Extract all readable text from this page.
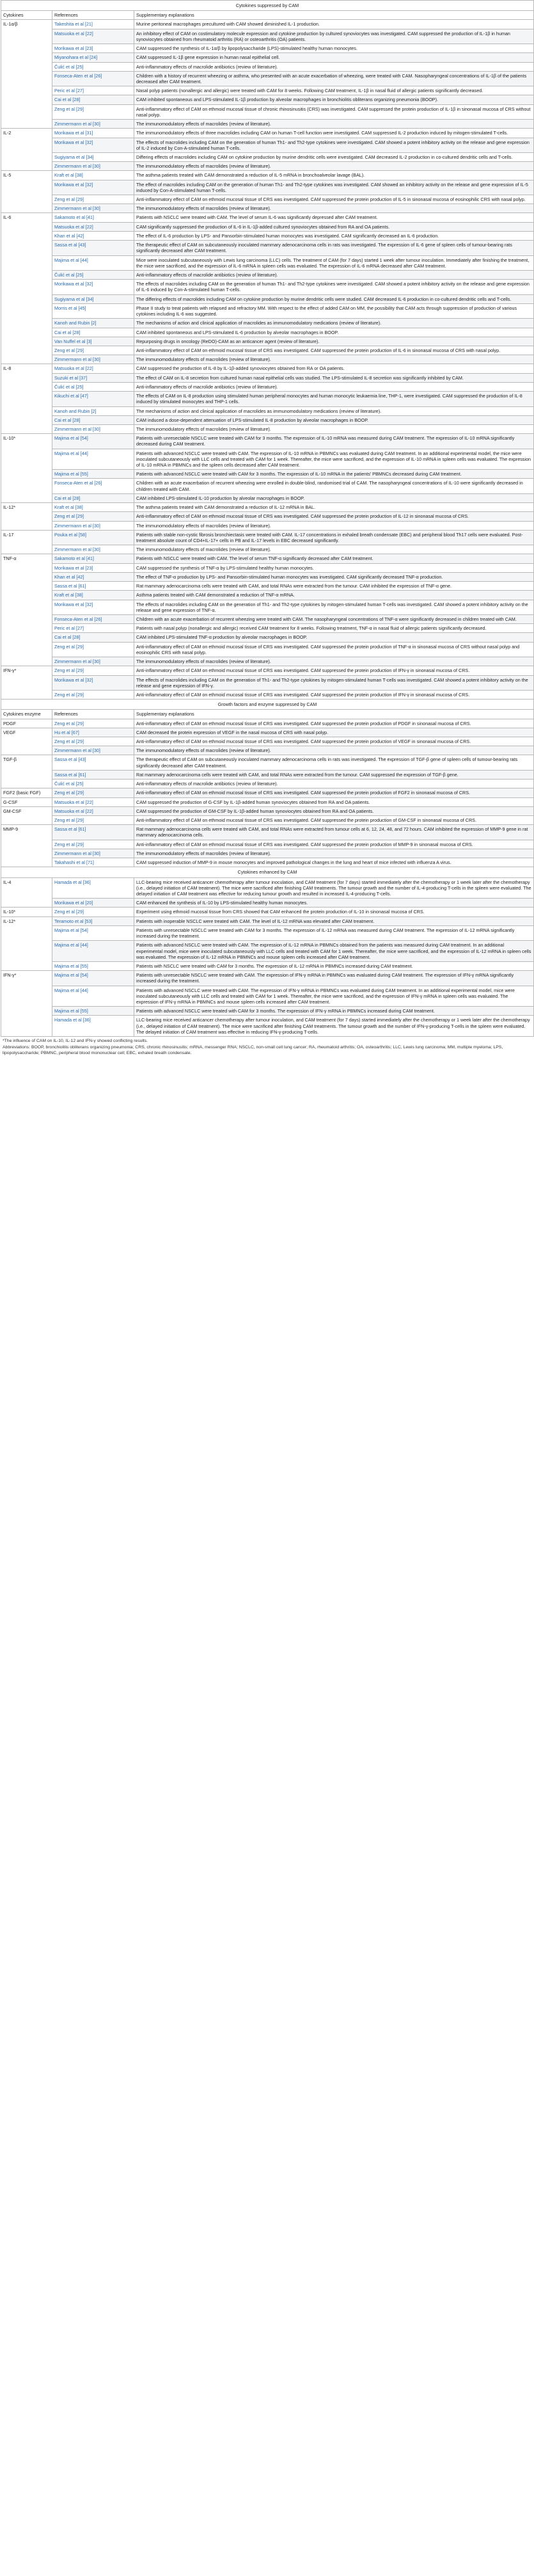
Cytokines suppressed by CAM		
Cytokines	References	Supplementary explanations
IL-1α/β	Takeshita et al [21]	Murine peritoneal macrophages precultured with CAM showed diminished IL-1 production.
	Matsuoka et al [22]	An inhibitory effect of CAM on costimulatory molecule expression and cytokine production by cultured synoviocytes was investigated. CAM suppressed the production of IL-1β in human synoviocytes obtained from rheumatoid arthritis (RA) or osteoarthritis (OA) patients.
	Morikawa et al [23]	CAM suppressed the synthesis of IL-1α/β by lipopolysaccharide (LPS)-stimulated healthy human monocytes.
	Miyanohara et al [24]	CAM suppressed IL-1β gene expression in human nasal epithelial cell.
	Čulić et al [25]	Anti-inflammatory effects of macrolide antibiotics (review of literature).
	Fonseca-Aten et al [26]	Children with a history of recurrent wheezing or asthma, who presented with an acute exacerbation of wheezing, were treated with CAM. Nasopharyngeal concentrations of IL-1β of the patients decreased after CAM treatment.
	Peric et al [27]	Nasal polyp patients (nonallergic and allergic) were treated with CAM for 8 weeks. Following CAM treatment, IL-1β in nasal fluid of allergic patients significantly decreased.
	Cai et al [28]	CAM inhibited spontaneous and LPS-stimulated IL-1β production by alveolar macrophages in bronchiolitis obliterans organizing pneumonia (BOOP).
	Zeng et al [29]	Anti-inflammatory effect of CAM on ethmoid mucosal tissue of chronic rhinosinusitis (CRS) was investigated. CAM suppressed the protein production of IL-1β in sinonasal mucosa of CRS without nasal polyp.
	Zimmermann et al [30]	The immunomodulatory effects of macrolides (review of literature).
IL-2	Morikawa et al [31]	The immunomodulatory effects of three macrolides including CAM on human T-cell function were investigated. CAM suppressed IL-2 production induced by mitogen-stimulated T-cells.
	Morikawa et al [32]	The effects of macrolides including CAM on the generation of human Th1- and Th2-type cytokines were investigated. CAM showed a potent inhibitory activity on the release and gene expression of IL-2 induced by Con-A-stimulated human T-cells.
	Sugiyama et al [34]	Differing effects of macrolides including CAM on cytokine production by murine dendritic cells were investigated. CAM decreased IL-2 production in co-cultured dendritic cells and T-cells.
	Zimmermann et al [30]	The immunomodulatory effects of macrolides (review of literature).
IL-5	Kraft et al [38]	The asthma patients treated with CAM demonstrated a reduction of IL-5 mRNA in bronchoalveolar lavage (BAL).
	Morikawa et al [32]	The effect of macrolides including CAM on the generation of human Th1- and Th2-type cytokines was investigated. CAM showed an inhibitory activity on the release and gene expression of IL-5 induced by Con-A-stimulated human T-cells.
	Zeng et al [29]	Anti-inflammatory effect of CAM on ethmoid mucosal tissue of CRS was investigated. CAM suppressed the protein production of IL-5 in sinonasal mucosa of eosinophilic CRS with nasal polyp.
	Zimmermann et al [30]	The immunomodulatory effects of macrolides (review of literature).
IL-6	Sakamoto et al [41]	Patients with NSCLC were treated with CAM. The level of serum IL-6 was significantly depressed after CAM treatment.
	Matsuoka et al [22]	CAM significantly suppressed the production of IL-6 in IL-1β-added cultured synoviocytes obtained from RA and OA patients.
	Khan et al [42]	The effect of IL-6 production by LPS- and Pansorbin-stimulated human monocytes was investigated. CAM significantly decreased an IL-6 production.
	Sassa et al [43]	The therapeutic effect of CAM on subcutaneously inoculated mammary adenocarcinoma cells in rats was investigated. The expression of IL-6 gene of spleen cells of tumour-bearing rats significantly decreased after CAM treatment.
	Majima et al [44]	Mice were inoculated subcutaneously with Lewis lung carcinoma (LLC) cells. The treatment of CAM (for 7 days) started 1 week after tumour inoculation. Immediately after finishing the treatment, the mice were sacrificed, and the expression of IL-6 mRNA in spleen cells was evaluated. The expression of IL-6 mRNA decreased after CAM treatment.
	Čulić et al [25]	Anti-inflammatory effects of macrolide antibiotics (review of literature).
	Morikawa et al [32]	The effects of macrolides including CAM on the generation of human Th1- and Th2-type cytokines were investigated. CAM showed a potent inhibitory activity on the release and gene expression of IL-6 induced by Con-A-stimulated human T-cells.
	Sugiyama et al [34]	The differing effects of macrolides including CAM on cytokine production by murine dendritic cells were studied. CAM decreased IL-6 production in co-cultured dendritic cells and T-cells.
	Morris et al [45]	Phase II study to treat patients with relapsed and refractory MM. With respect to the effect of added CAM on MM, the possibility that CAM acts through suppression of production of various cytokines including IL-6 was suggested.
	Kanoh and Rubin [2]	The mechanisms of action and clinical application of macrolides as immunomodulatory medications (review of literature).
	Cai et al [28]	CAM inhibited spontaneous and LPS-stimulated IL-6 production by alveolar macrophages in BOOP.
	Van Nuffel et al [3]	Repurposing drugs in oncology (ReDO)-CAM as an anticancer agent (review of literature).
	Zeng et al [29]	Anti-inflammatory effect of CAM on ethmoid mucosal tissue of CRS was investigated. CAM suppressed the protein production of IL-6 in sinonasal mucosa of CRS with nasal polyp.
	Zimmermann et al [30]	The immunomodulatory effects of macrolides (review of literature).
IL-8	Matsuoka et al [22]	CAM suppressed the production of IL-8 by IL-1β-added synoviocytes obtained from RA or OA patients.
	Suzuki et al [37]	The effect of CAM on IL-8 secretion from cultured human nasal epithelial cells was studied. The LPS-stimulated IL-8 secretion was significantly inhibited by CAM.
	Čulić et al [25]	Anti-inflammatory effects of macrolide antibiotics (review of literature).
	Kikuchi et al [47]	The effects of CAM on IL-8 production using stimulated human peripheral monocytes and human monocytic leukaemia line, THP-1, were investigated. CAM suppressed the production of IL-8 induced by stimulated monocytes and THP-1 cells.
	Kanoh and Rubin [2]	The mechanisms of action and clinical application of macrolides as immunomodulatory medications (review of literature).
	Cai et al [28]	CAM induced a dose-dependent attenuation of LPS-stimulated IL-8 production by alveolar macrophages in BOOP.
	Zimmermann et al [30]	The immunomodulatory effects of macrolides (review of literature).
IL-10*	Majima et al [54]	Patients with unresectable NSCLC were treated with CAM for 3 months. The expression of IL-10 mRNA was measured during CAM treatment. The expression of IL-10 mRNA significantly decreased during CAM treatment.
	Majima et al [44]	Patients with advanced NSCLC were treated with CAM. The expression of IL-10 mRNA in PBMNCs was evaluated during CAM treatment. In an additional experimental model, the mice were inoculated subcutaneously with LLC cells and treated with CAM for 1 week. Thereafter, the mice were sacrificed, and the expression of IL-10 mRNA in spleen cells was evaluated. The expression of IL-10 mRNA in PBMNCs and the spleen cells decreased after CAM treatment.
	Majima et al [55]	Patients with advanced NSCLC were treated with CAM for 3 months. The expression of IL-10 mRNA in the patients' PBMNCs decreased during CAM treatment.
	Fonseca-Aten et al [26]	Children with an acute exacerbation of recurrent wheezing were enrolled in double-blind, randomised trial of CAM. The nasopharyngeal concentrations of IL-10 were significantly decreased in children treated with CAM.
	Cai et al [28]	CAM inhibited LPS-stimulated IL-10 production by alveolar macrophages in BOOP.
IL-12*	Kraft et al [38]	The asthma patients treated with CAM demonstrated a reduction of IL-12 mRNA in BAL.
	Zeng et al [29]	Anti-inflammatory effect of CAM on ethmoid mucosal tissue of CRS was investigated. CAM suppressed the protein production of IL-12 in sinonasal mucosa of CRS.
	Zimmermann et al [30]	The immunomodulatory effects of macrolides (review of literature).
IL-17	Pouka et al [58]	Patients with stable non-cystic fibrosis bronchiectasis were treated with CAM. IL-17 concentrations in exhaled breath condensate (EBC) and peripheral blood Th17 cells were evaluated. Post-treatment absolute count of CD4+IL-17+ cells in PB and IL-17 levels in EBC decreased significantly.
	Zimmermann et al [30]	The immunomodulatory effects of macrolides (review of literature).
TNF-α	Sakamoto et al [41]	Patients with NSCLC were treated with CAM. The level of serum TNF-α significantly decreased after CAM treatment.
	Morikawa et al [23]	CAM suppressed the synthesis of TNF-α by LPS-stimulated healthy human monocytes.
	Khan et al [42]	The effect of TNF-α production by LPS- and Pansorbin-stimulated human monocytes was investigated. CAM significantly decreased TNF-α production.
	Sassa et al [61]	Rat mammary adenocarcinoma cells were treated with CAM, and total RNAs were extracted from the tumour. CAM inhibited the expression of TNF-α gene.
	Kraft et al [38]	Asthma patients treated with CAM demonstrated a reduction of TNF-α mRNA.
	Morikawa et al [32]	The effects of macrolides including CAM on the generation of Th1- and Th2-type cytokines by mitogen-stimulated human T-cells was investigated. CAM showed a potent inhibitory activity on the release and gene expression of TNF-α.
	Fonseca-Aten et al [26]	Children with an acute exacerbation of recurrent wheezing were treated with CAM. The nasopharyngeal concentrations of TNF-α were significantly decreased in children treated with CAM.
	Peric et al [27]	Patients with nasal polyp (nonallergic and allergic) received CAM treatment for 8 weeks. Following treatment, TNF-α in nasal fluid of allergic patients significantly decreased.
	Cai et al [28]	CAM inhibited LPS-stimulated TNF-α production by alveolar macrophages in BOOP.
	Zeng et al [29]	Anti-inflammatory effect of CAM on ethmoid mucosal tissue of CRS was investigated. CAM suppressed the protein production of TNF-α in sinonasal mucosa of CRS without nasal polyp and eosinophilic CRS with nasal polyp.
	Zimmermann et al [30]	The immunomodulatory effects of macrolides (review of literature).
IFN-γ*	Zeng et al [29]	Anti-inflammatory effect of CAM on ethmoid mucosal tissue of CRS was investigated. CAM suppressed the protein production of IFN-γ in sinonasal mucosa of CRS.
	Morikawa et al [32]	The effects of macrolides including CAM on the generation of Th1- and Th2-type cytokines by mitogen-stimulated human T-cells was investigated. CAM showed a potent inhibitory activity on the release and gene expression of IFN-γ.
	Zeng et al [29]	Anti-inflammatory effect of CAM on ethmoid mucosal tissue of CRS was investigated. CAM suppressed the protein production of IFN-γ in sinonasal mucosa of CRS.
Growth factors and enzyme suppressed by CAM		
Cytokines enzyme	References	Supplementary explanations
PDGF	Zeng et al [29]	Anti-inflammatory effect of CAM on ethmoid mucosal tissue of CRS was investigated. CAM suppressed the protein production of PDGF in sinonasal mucosa of CRS.
VEGF	Hu et al [67]	CAM decreased the protein expression of VEGF in the nasal mucosa of CRS with nasal polyp.
	Zeng et al [29]	Anti-inflammatory effect of CAM on ethmoid mucosal tissue of CRS was investigated. CAM suppressed the protein production of VEGF in sinonasal mucosa of CRS.
	Zimmermann et al [30]	The immunomodulatory effects of macrolides (review of literature).
TGF-β	Sassa et al [43]	The therapeutic effect of CAM on subcutaneously inoculated mammary adenocarcinoma cells in rats was investigated. The expression of TGF-β gene of spleen cells of tumour-bearing rats significantly decreased after CAM treatment.
	Sassa et al [61]	Rat mammary adenocarcinoma cells were treated with CAM, and total RNAs were extracted from the tumour. CAM suppressed the expression of TGF-β gene.
	Čulić et al [25]	Anti-inflammatory effects of macrolide antibiotics (review of literature).
FGF2 (basic FGF)	Zeng et al [29]	Anti-inflammatory effect of CAM on ethmoid mucosal tissue of CRS was investigated. CAM suppressed the protein production of FGF2 in sinonasal mucosa of CRS.
G-CSF	Matsuoka et al [22]	CAM suppressed the production of G-CSF by IL-1β-added human synoviocytes obtained from RA and OA patients.
GM-CSF	Matsuoka et al [22]	CAM suppressed the production of GM-CSF by IL-1β-added human synoviocytes obtained from RA and OA patients.
	Zeng et al [29]	Anti-inflammatory effect of CAM on ethmoid mucosal tissue of CRS was investigated. CAM suppressed the protein production of GM-CSF in sinonasal mucosa of CRS.
MMP-9	Sassa et al [61]	Rat mammary adenocarcinoma cells were treated with CAM, and total RNAs were extracted from tumour cells at 6, 12, 24, 48, and 72 hours. CAM inhibited the expression of MMP-9 gene in rat mammary adenocarcinoma cells.
	Zeng et al [29]	Anti-inflammatory effect of CAM on ethmoid mucosal tissue of CRS was investigated. CAM suppressed the protein production of MMP-9 in sinonasal mucosa of CRS.
	Zimmermann et al [30]	The immunomodulatory effects of macrolides (review of literature).
	Takahashi et al [71]	CAM suppressed induction of MMP-9 in mouse monocytes and improved pathological changes in the lung and heart of mice infected with influenza A virus.
Cytokines enhanced by CAM		
IL-4	Hamada et al [36]	LLC-bearing mice received anticancer chemotherapy after tumour inoculation, and CAM treatment (for 7 days) started immediately after the chemotherapy or 1 week later after the chemotherapy (i.e., delayed initiation of CAM treatment). The mice were sacrificed after finishing CAM treatments. The tumour growth and the number of IL-4-producing T-cells in the spleen were evaluated. The delayed initiation of CAM treatment was effective for reducing tumour growth and resulted in increased IL-4-producing T-cells.
	Morikawa et al [20]	CAM enhanced the synthesis of IL-10 by LPS-stimulated healthy human monocytes.
IL-10*	Zeng et al [29]	Experiment using ethmoid mucosal tissue from CRS showed that CAM enhanced the protein production of IL-10 in sinonasal mucosa of CRS.
IL-12*	Teramoto et al [53]	Patients with inoperable NSCLC were treated with CAM. The level of IL-12 mRNA was elevated after CAM treatment.
	Majima et al [54]	Patients with unresectable NSCLC were treated with CAM for 3 months. The expression of IL-12 mRNA was measured during CAM treatment. The expression of IL-12 mRNA significantly increased during the treatment.
	Majima et al [44]	Patients with advanced NSCLC were treated with CAM. The expression of IL-12 mRNA in PBMNCs obtained from the patients was measured during CAM treatment. In an additional experimental model, mice were inoculated subcutaneously with LLC cells and treated with CAM for 1 week. Thereafter, the mice were sacrificed, and the expression of IL-12 mRNA in spleen cells was evaluated. The expression of IL-12 mRNA in PBMNCs and mouse spleen cells increased after CAM treatment.
	Majima et al [55]	Patients with NSCLC were treated with CAM for 3 months. The expression of IL-12 mRNA in PBMNCs increased during CAM treatment.
IFN-γ*	Majima et al [54]	Patients with unresectable NSCLC were treated with CAM. The expression of IFN-γ mRNA in PBMNCs was evaluated during CAM treatment. The expression of IFN-γ mRNA significantly increased during the treatment.
	Majima et al [44]	Patients with advanced NSCLC were treated with CAM. The expression of IFN-γ mRNA in PBMNCs was evaluated during CAM treatment. In an additional experimental model, mice were inoculated subcutaneously with LLC cells and treated with CAM for 1 week. Thereafter, the mice were sacrificed, and the expression of IFN-γ mRNA in spleen cells was evaluated. The expression of IFN-γ mRNA in PBMNCs and mouse spleen cells increased after CAM treatment.
	Majima et al [55]	Patients with advanced NSCLC were treated with CAM for 3 months. The expression of IFN-γ mRNA in PBMNCs increased during CAM treatment.
	Hamada et al [36]	LLC-bearing mice received anticancer chemotherapy after tumour inoculation, and CAM treatment (for 7 days) started immediately after the chemotherapy or 1 week later after the chemotherapy (i.e., delayed initiation of CAM treatment). The mice were sacrificed after finishing CAM treatments. The tumour growth and the number of IFN-γ-producing T-cells in the spleen were evaluated. The delayed initiation of CAM treatment was effective in reducing IFN-γ-producing T-cells.
*The influence of CAM on IL-10, IL-12 and IFN-γ showed conflicting results.
Abbreviations: BOOP, bronchiolitis obliterans organizing pneumonia; CRS, chronic rhinosinusitis; mRNA, messenger RNA; NSCLC, non-small cell lung cancer; RA, rheumatoid arthritis; OA, osteoarthritis; LLC, Lewis lung carcinoma; MM, multiple myeloma; LPS, lipopolysaccharide; PBMNC, peripheral blood mononuclear cell; EBC, exhaled breath condensate.
